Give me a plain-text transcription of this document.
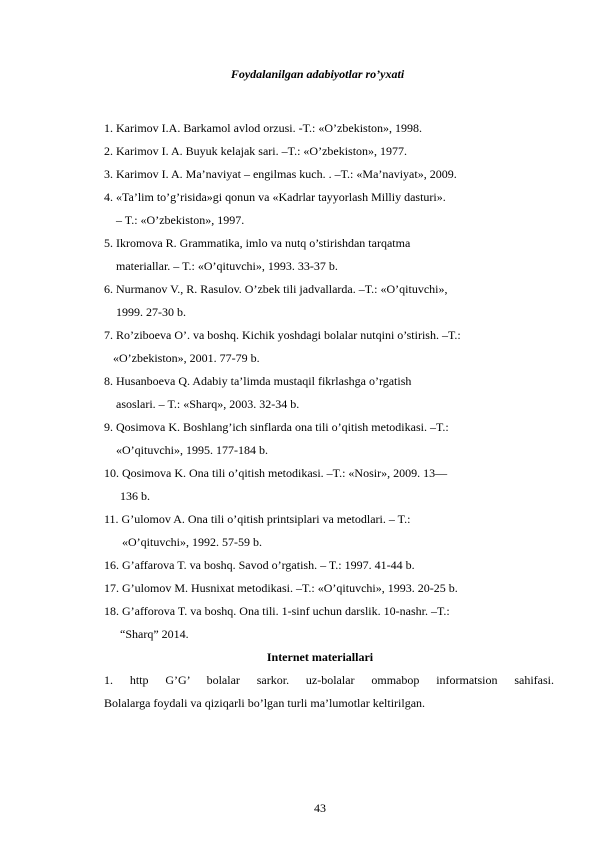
Foydalanilgan adabiyotlar ro’yxati
1. Karimov I.A. Barkamol avlod orzusi. -T.: «O’zbekiston», 1998.
2. Karimov I. A. Buyuk kelajak sari. –T.: «O’zbekiston», 1977.
3. Karimov I. A. Ma’naviyat – engilmas kuch. . –T.: «Ma’naviyat», 2009.
4. «Ta’lim to’g’risida»gi qonun va «Kadrlar tayyorlash Milliy dasturi».
– T.: «O’zbekiston», 1997.
5. Ikromova R. Grammatika, imlo va nutq o’stirishdan tarqatma
materiallar. – T.: «O’qituvchi», 1993. 33-37 b.
6. Nurmanov V., R. Rasulov. O’zbek tili jadvallarda. –T.: «O’qituvchi»,
1999. 27-30 b.
7. Ro’ziboeva O’. va boshq. Kichik yoshdagi bolalar nutqini o’stirish. –T.:
«O’zbekiston», 2001. 77-79 b.
8. Husanboeva Q. Adabiy ta’limda mustaqil fikrlashga o’rgatish
asoslari. – T.: «Sharq», 2003. 32-34 b.
9. Qosimova K. Boshlang’ich sinflarda ona tili o’qitish metodikasi. –T.:
«O’qituvchi», 1995. 177-184 b.
10. Qosimova K. Ona tili o’qitish metodikasi. –T.: «Nosir», 2009. 13—
136 b.
11. G’ulomov A. Ona tili o’qitish printsiplari va metodlari. – T.:
«O’qituvchi», 1992. 57-59 b.
16. G’affarova T. va boshq. Savod o’rgatish. – T.: 1997. 41-44 b.
17. G’ulomov M. Husnixat metodikasi. –T.: «O’qituvchi», 1993. 20-25 b.
18. G’afforova T. va boshq. Ona tili. 1-sinf uchun darslik. 10-nashr. –T.:
“Sharq” 2014.
Internet materiallari
1. http G’G’ bolalar sarkor. uz-bolalar ommabop informatsion sahifasi.
Bolalarga foydali va qiziqarli bo’lgan turli ma’lumotlar keltirilgan.
43
